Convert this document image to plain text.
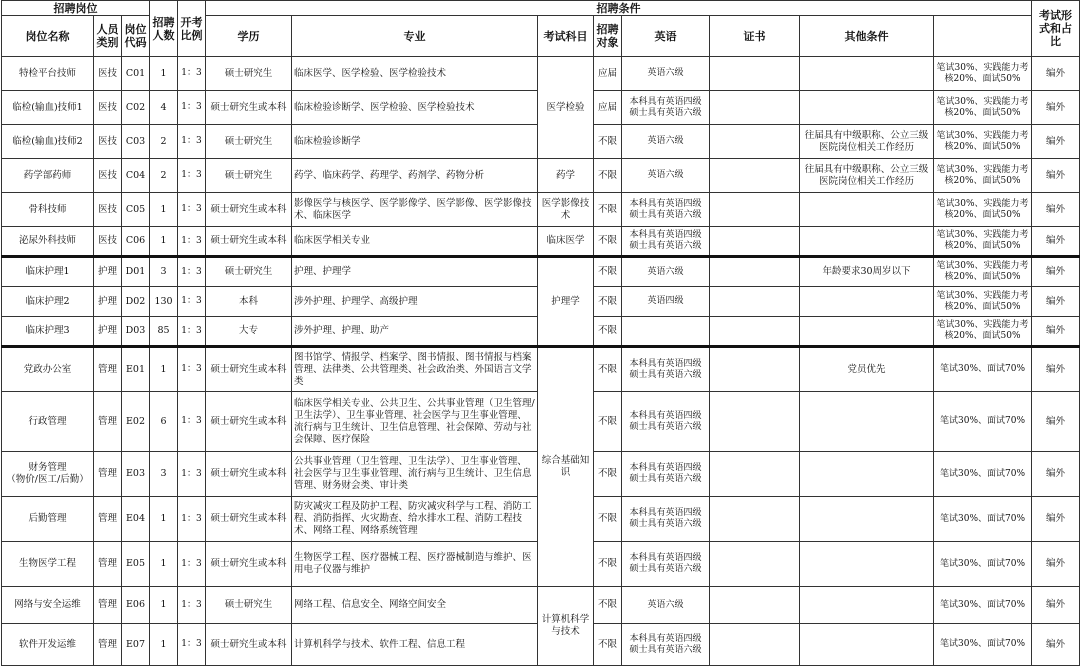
招聘岗位			招聘人数	开考比例	招聘条件								考试形式和占比	
岗位名称	人员类别	岗位代码			学历	专业	考试科目	招聘对象	英语	证书	其他条件			
特检平台技师	医技	C01	1	1：3	硕士研究生	临床医学、医学检验、医学检验技术	医学检验	应届	英语六级			笔试30%、实践能力考核20%、面试50%	编外	
临检(输血)技师1	医技	C02	4	1：3	硕士研究生或本科	临床检验诊断学、医学检验、医学检验技术		应届	本科具有英语四级
硕士具有英语六级			笔试30%、实践能力考核20%、面试50%	编外	
临检(输血)技师2	医技	C03	2	1：3	硕士研究生	临床检验诊断学		不限	英语六级		往届具有中级职称、公立三级医院岗位相关工作经历	笔试30%、实践能力考核20%、面试50%	编外	
药学部药师	医技	C04	2	1：3	硕士研究生	药学、临床药学、药理学、药剂学、药物分析	药学	不限	英语六级		往届具有中级职称、公立三级医院岗位相关工作经历	笔试30%、实践能力考核20%、面试50%	编外	
骨科技师	医技	C05	1	1：3	硕士研究生或本科	影像医学与核医学、医学影像学、医学影像、医学影像技术、临床医学	医学影像技术	不限	本科具有英语四级
硕士具有英语六级			笔试30%、实践能力考核20%、面试50%	编外	
泌尿外科技师	医技	C06	1	1：3	硕士研究生或本科	临床医学相关专业	临床医学	不限	本科具有英语四级
硕士具有英语六级			笔试30%、实践能力考核20%、面试50%	编外	
临床护理1	护理	D01	3	1：3	硕士研究生	护理、护理学	护理学	不限	英语六级		年龄要求30周岁以下	笔试30%、实践能力考核20%、面试50%	编外	
临床护理2	护理	D02	130	1：3	本科	涉外护理、护理学、高级护理		不限	英语四级			笔试30%、实践能力考核20%、面试50%	编外	
临床护理3	护理	D03	85	1：3	大专	涉外护理、护理、助产		不限				笔试30%、实践能力考核20%、面试50%	编外	
党政办公室	管理	E01	1	1：3	硕士研究生或本科	图书馆学、情报学、档案学、图书情报、图书情报与档案管理、法律类、公共管理类、社会政治类、外国语言文学类	综合基础知识	不限	本科具有英语四级
硕士具有英语六级		党员优先	笔试30%、面试70%	编外	
行政管理	管理	E02	6	1：3	硕士研究生或本科	临床医学相关专业、公共卫生、公共事业管理（卫生管理/卫生法学）、卫生事业管理、社会医学与卫生事业管理、流行病与卫生统计、卫生信息管理、社会保障、劳动与社会保障、医疗保险		不限	本科具有英语四级
硕士具有英语六级			笔试30%、面试70%	编外	
财务管理
（物价/医工/后勤）	管理	E03	3	1：3	硕士研究生或本科	公共事业管理（卫生管理、卫生法学）、卫生事业管理、社会医学与卫生事业管理、流行病与卫生统计、卫生信息管理、财务财会类、审计类		不限	本科具有英语四级
硕士具有英语六级			笔试30%、面试70%	编外	
后勤管理	管理	E04	1	1：3	硕士研究生或本科	防灾减灾工程及防护工程、防灾减灾科学与工程、消防工程、消防指挥、火灾勘查、给水排水工程、消防工程技术、网络工程、网络系统管理		不限	本科具有英语四级
硕士具有英语六级			笔试30%、面试70%	编外	
生物医学工程	管理	E05	1	1：3	硕士研究生或本科	生物医学工程、医疗器械工程、医疗器械制造与维护、医用电子仪器与维护		不限	本科具有英语四级
硕士具有英语六级			笔试30%、面试70%	编外	
网络与安全运维	管理	E06	1	1：3	硕士研究生	网络工程、信息安全、网络空间安全	计算机科学与技术	不限	英语六级			笔试30%、面试70%	编外	
软件开发运维	管理	E07	1	1：3	硕士研究生或本科	计算机科学与技术、软件工程、信息工程		不限	本科具有英语四级
硕士具有英语六级			笔试30%、面试70%	编外	
